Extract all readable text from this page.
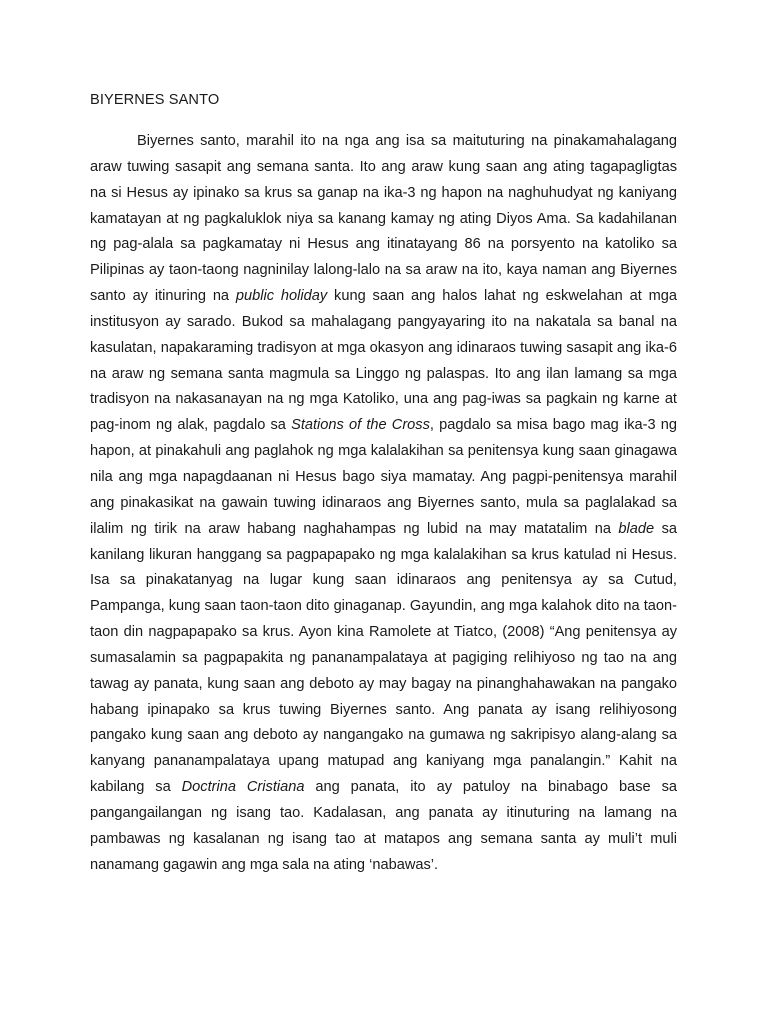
BIYERNES SANTO

Biyernes santo, marahil ito na nga ang isa sa maituturing na pinakamahalagang araw tuwing sasapit ang semana santa. Ito ang araw kung saan ang ating tagapagligtas na si Hesus ay ipinako sa krus sa ganap na ika-3 ng hapon na naghuhudyat ng kaniyang kamatayan at ng pagkaluklok niya sa kanang kamay ng ating Diyos Ama. Sa kadahilanan ng pag-alala sa pagkamatay ni Hesus ang itinatayang 86 na porsyento na katoliko sa Pilipinas ay taon-taong nagninilay lalong-lalo na sa araw na ito, kaya naman ang Biyernes santo ay itinuring na public holiday kung saan ang halos lahat ng eskwelahan at mga institusyon ay sarado. Bukod sa mahalagang pangyayaring ito na nakatala sa banal na kasulatan, napakaraming tradisyon at mga okasyon ang idinaraos tuwing sasapit ang ika-6 na araw ng semana santa magmula sa Linggo ng palaspas. Ito ang ilan lamang sa mga tradisyon na nakasanayan na ng mga Katoliko, una ang pag-iwas sa pagkain ng karne at pag-inom ng alak, pagdalo sa Stations of the Cross, pagdalo sa misa bago mag ika-3 ng hapon, at pinakahuli ang paglahok ng mga kalalakihan sa penitensya kung saan ginagawa nila ang mga napagdaanan ni Hesus bago siya mamatay. Ang pagpi-penitensya marahil ang pinakasikat na gawain tuwing idinaraos ang Biyernes santo, mula sa paglalakad sa ilalim ng tirik na araw habang naghahampas ng lubid na may matatalim na blade sa kanilang likuran hanggang sa pagpapapako ng mga kalalakihan sa krus katulad ni Hesus. Isa sa pinakatanyag na lugar kung saan idinaraos ang penitensya ay sa Cutud, Pampanga, kung saan taon-taon dito ginaganap. Gayundin, ang mga kalahok dito na taon-taon din nagpapapako sa krus. Ayon kina Ramolete at Tiatco, (2008) “Ang penitensya ay sumasalamin sa pagpapakita ng pananampalataya at pagiging relihiyoso ng tao na ang tawag ay panata, kung saan ang deboto ay may bagay na pinanghahawakan na pangako habang ipinapako sa krus tuwing Biyernes santo. Ang panata ay isang relihiyosong pangako kung saan ang deboto ay nangangako na gumawa ng sakripisyo alang-alang sa kanyang pananampalataya upang matupad ang kaniyang mga panalangin.” Kahit na kabilang sa Doctrina Cristiana ang panata, ito ay patuloy na binabago base sa pangangailangan ng isang tao. Kadalasan, ang panata ay itinuturing na lamang na pambawas ng kasalanan ng isang tao at matapos ang semana santa ay muli’t muli nanamang gagawin ang mga sala na ating ‘nabawas’.
